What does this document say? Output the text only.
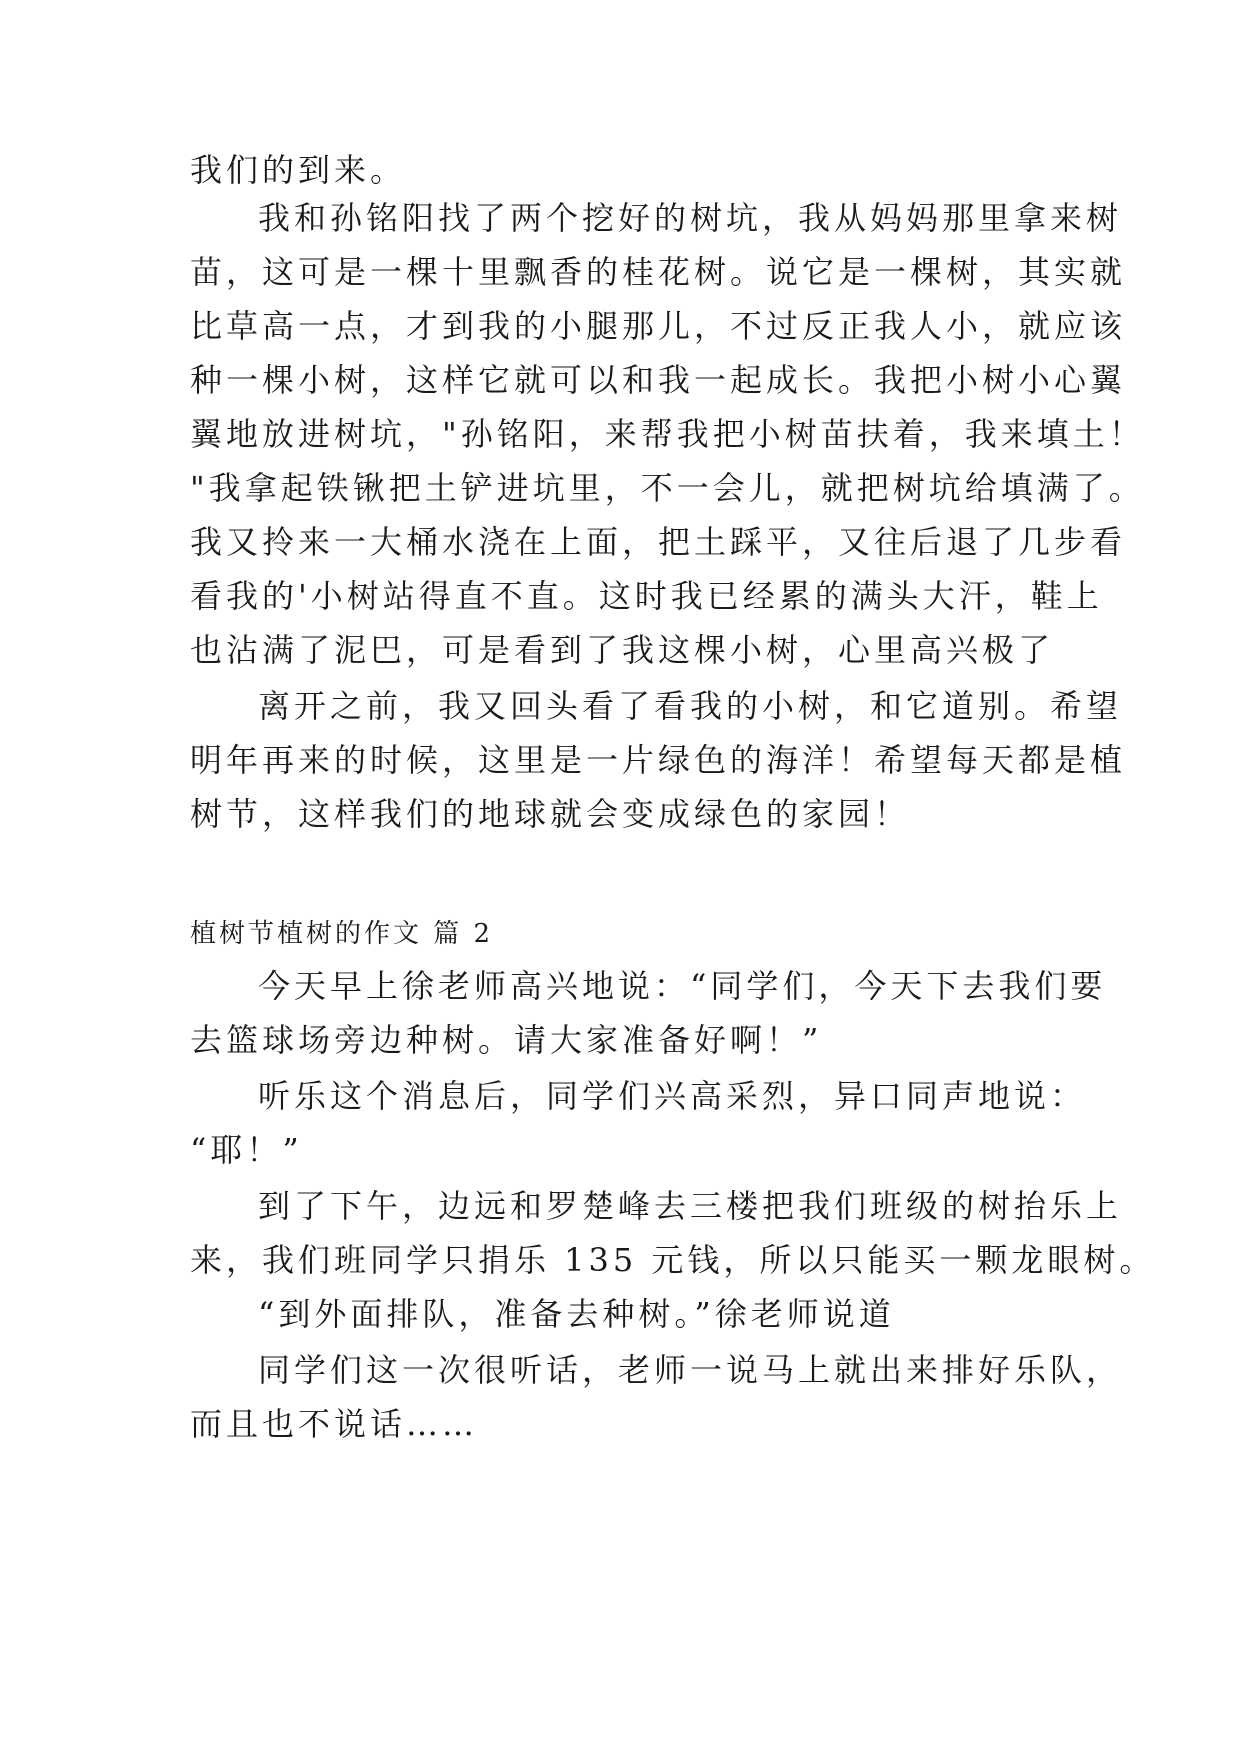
我们的到来。
我和孙铭阳找了两个挖好的树坑，我从妈妈那里拿来树
苗，这可是一棵十里飘香的桂花树。说它是一棵树，其实就
比草高一点，才到我的小腿那儿，不过反正我人小，就应该
种一棵小树，这样它就可以和我一起成长。我把小树小心翼
翼地放进树坑，"孙铭阳，来帮我把小树苗扶着，我来填土！
"我拿起铁锹把土铲进坑里，不一会儿，就把树坑给填满了。
我又拎来一大桶水浇在上面，把土踩平，又往后退了几步看
看我的'小树站得直不直。这时我已经累的满头大汗，鞋上
也沾满了泥巴，可是看到了我这棵小树，心里高兴极了
离开之前，我又回头看了看我的小树，和它道别。希望
明年再来的时候，这里是一片绿色的海洋！希望每天都是植
树节，这样我们的地球就会变成绿色的家园！
植树节植树的作文 篇 2
今天早上徐老师高兴地说：“同学们，今天下去我们要
去篮球场旁边种树。请大家准备好啊！”
听乐这个消息后，同学们兴高采烈，异口同声地说：
“耶！”
到了下午，边远和罗楚峰去三楼把我们班级的树抬乐上
来，我们班同学只捐乐 135 元钱，所以只能买一颗龙眼树。
“到外面排队，准备去种树。”徐老师说道
同学们这一次很听话，老师一说马上就出来排好乐队，
而且也不说话……
